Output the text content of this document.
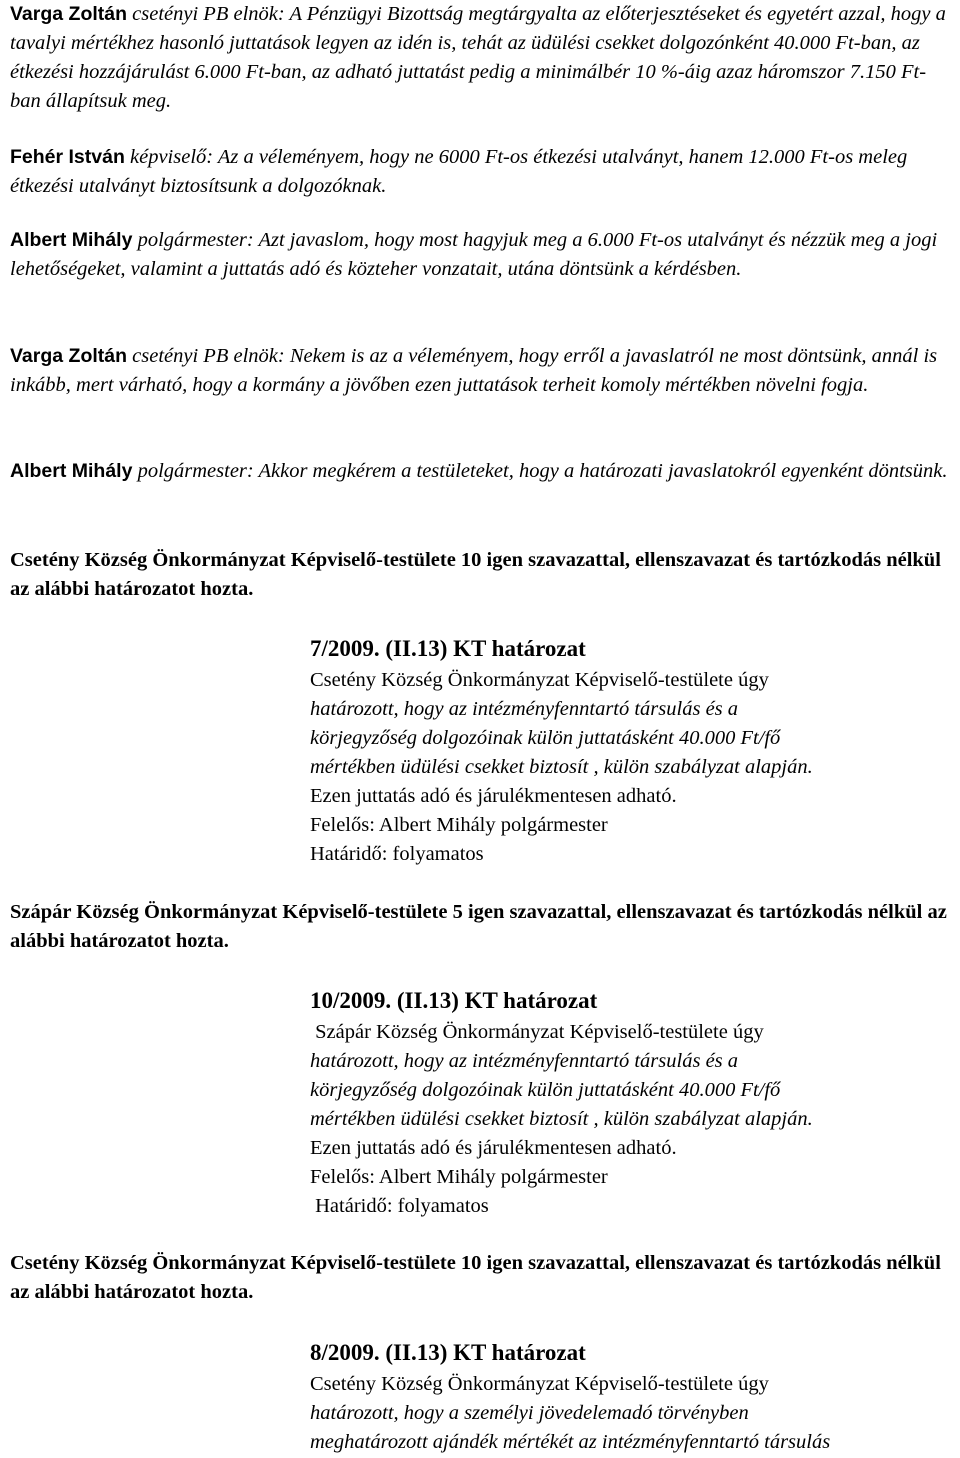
Varga Zoltán csetényi PB elnök: A Pénzügyi Bizottság megtárgyalta az előterjesztéseket és egyetért azzal, hogy a tavalyi mértékhez hasonló juttatások legyen az idén is, tehát az üdülési csekket dolgozónként 40.000 Ft-ban, az étkezési hozzájárulást 6.000 Ft-ban, az adható juttatást pedig a minimálbér 10 %-áig azaz háromszor 7.150 Ft-ban állapítsuk meg.

Fehér István képviselő: Az a véleményem, hogy ne 6000 Ft-os étkezési utalványt, hanem 12.000 Ft-os meleg étkezési utalványt biztosítsunk a dolgozóknak.

Albert Mihály polgármester: Azt javaslom, hogy most hagyjuk meg a 6.000 Ft-os utalványt és nézzük meg a jogi lehetőségeket, valamint a juttatás adó és közteher vonzatait, utána döntsünk a kérdésben.

Varga Zoltán csetényi PB elnök: Nekem is az a véleményem, hogy erről a javaslatról ne most döntsünk, annál is inkább, mert várható, hogy a kormány a jövőben ezen juttatások terheit komoly mértékben növelni fogja.

Albert Mihály polgármester: Akkor megkérem a testületeket, hogy a határozati javaslatokról egyenként döntsünk.

Csetény Község Önkormányzat Képviselő-testülete 10 igen szavazattal, ellenszavazat és tartózkodás nélkül az alábbi határozatot hozta.

7/2009. (II.13) KT határozat
Csetény Község Önkormányzat Képviselő-testülete úgy
határozott, hogy az intézményfenntartó társulás és a
körjegyzőség dolgozóinak külön juttatásként 40.000 Ft/fő
mértékben üdülési csekket biztosít , külön szabályzat alapján.
Ezen juttatás adó és járulékmentesen adható.
Felelős: Albert Mihály polgármester
Határidő: folyamatos

Szápár Község Önkormányzat Képviselő-testülete 5 igen szavazattal, ellenszavazat és tartózkodás nélkül az alábbi határozatot hozta.

10/2009. (II.13) KT határozat
Szápár Község Önkormányzat Képviselő-testülete úgy
határozott, hogy az intézményfenntartó társulás és a
körjegyzőség dolgozóinak külön juttatásként 40.000 Ft/fő
mértékben üdülési csekket biztosít , külön szabályzat alapján.
Ezen juttatás adó és járulékmentesen adható.
Felelős: Albert Mihály polgármester
Határidő: folyamatos

Csetény Község Önkormányzat Képviselő-testülete 10 igen szavazattal, ellenszavazat és tartózkodás nélkül az alábbi határozatot hozta.

8/2009. (II.13) KT határozat
Csetény Község Önkormányzat Képviselő-testülete úgy
határozott, hogy a személyi jövedelemadó törvényben
meghatározott ajándék mértékét az intézményfenntartó társulás
